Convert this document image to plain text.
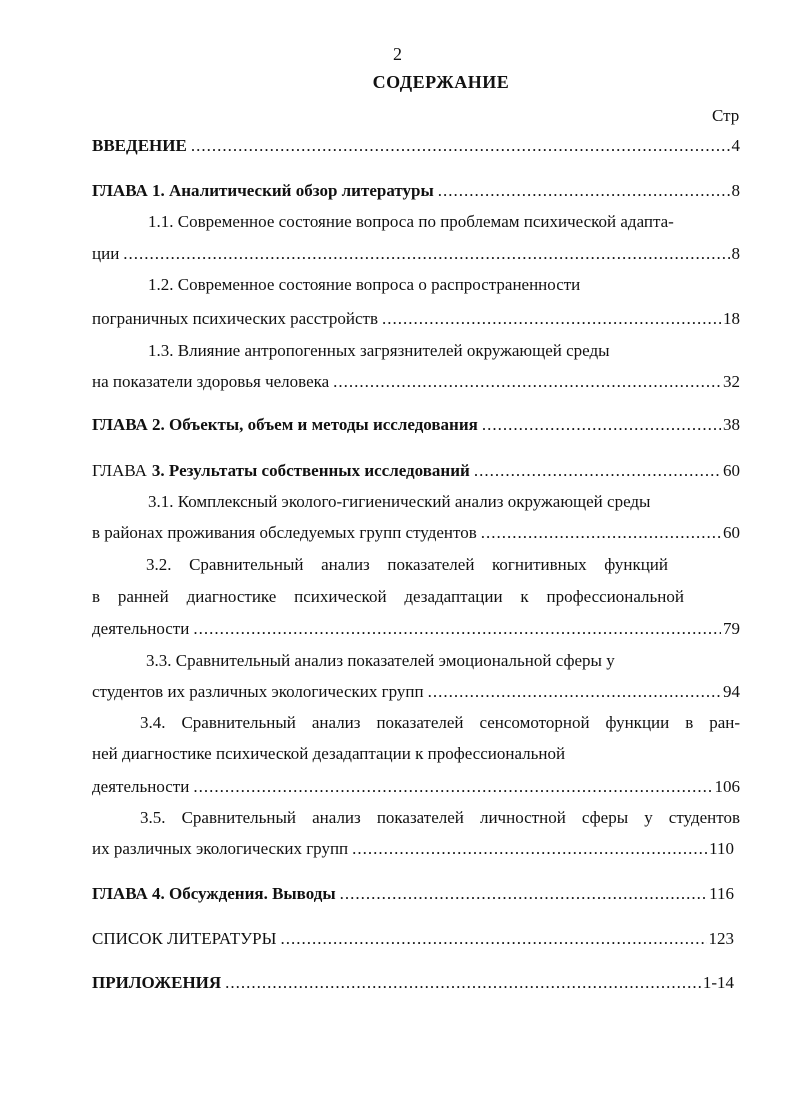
2
СОДЕРЖАНИЕ
Стр
ВВЕДЕНИЕ .....	4
ГЛАВА 1. Аналитический обзор литературы .....	8
1.1. Современное состояние вопроса по проблемам психической адапта-
ции .....	8
1.2. Современное состояние вопроса о распространенности
пограничных психических расстройств .....	18
1.3. Влияние антропогенных загрязнителей окружающей среды
на показатели здоровья человека .....	32
ГЛАВА 2. Объекты, объем и методы исследования .....	38
ГЛАВА 3. Результаты собственных исследований .....	60
3.1. Комплексный эколого-гигиенический анализ окружающей среды
в районах проживания обследуемых групп студентов .....	60
3.2. Сравнительный анализ показателей когнитивных функций
в ранней диагностике психической дезадаптации к профессиональной
деятельности .....	79
3.3. Сравнительный анализ показателей эмоциональной сферы у
студентов их различных экологических групп .....	94
3.4. Сравнительный анализ показателей сенсомоторной функции в ран-
ней диагностике психической дезадаптации к профессиональной
деятельности .....	106
3.5. Сравнительный анализ показателей личностной сферы у студентов
их различных экологических групп .....	110
ГЛАВА 4. Обсуждения. Выводы .....	116
СПИСОК ЛИТЕРАТУРЫ .....	123
ПРИЛОЖЕНИЯ .....	1-14
